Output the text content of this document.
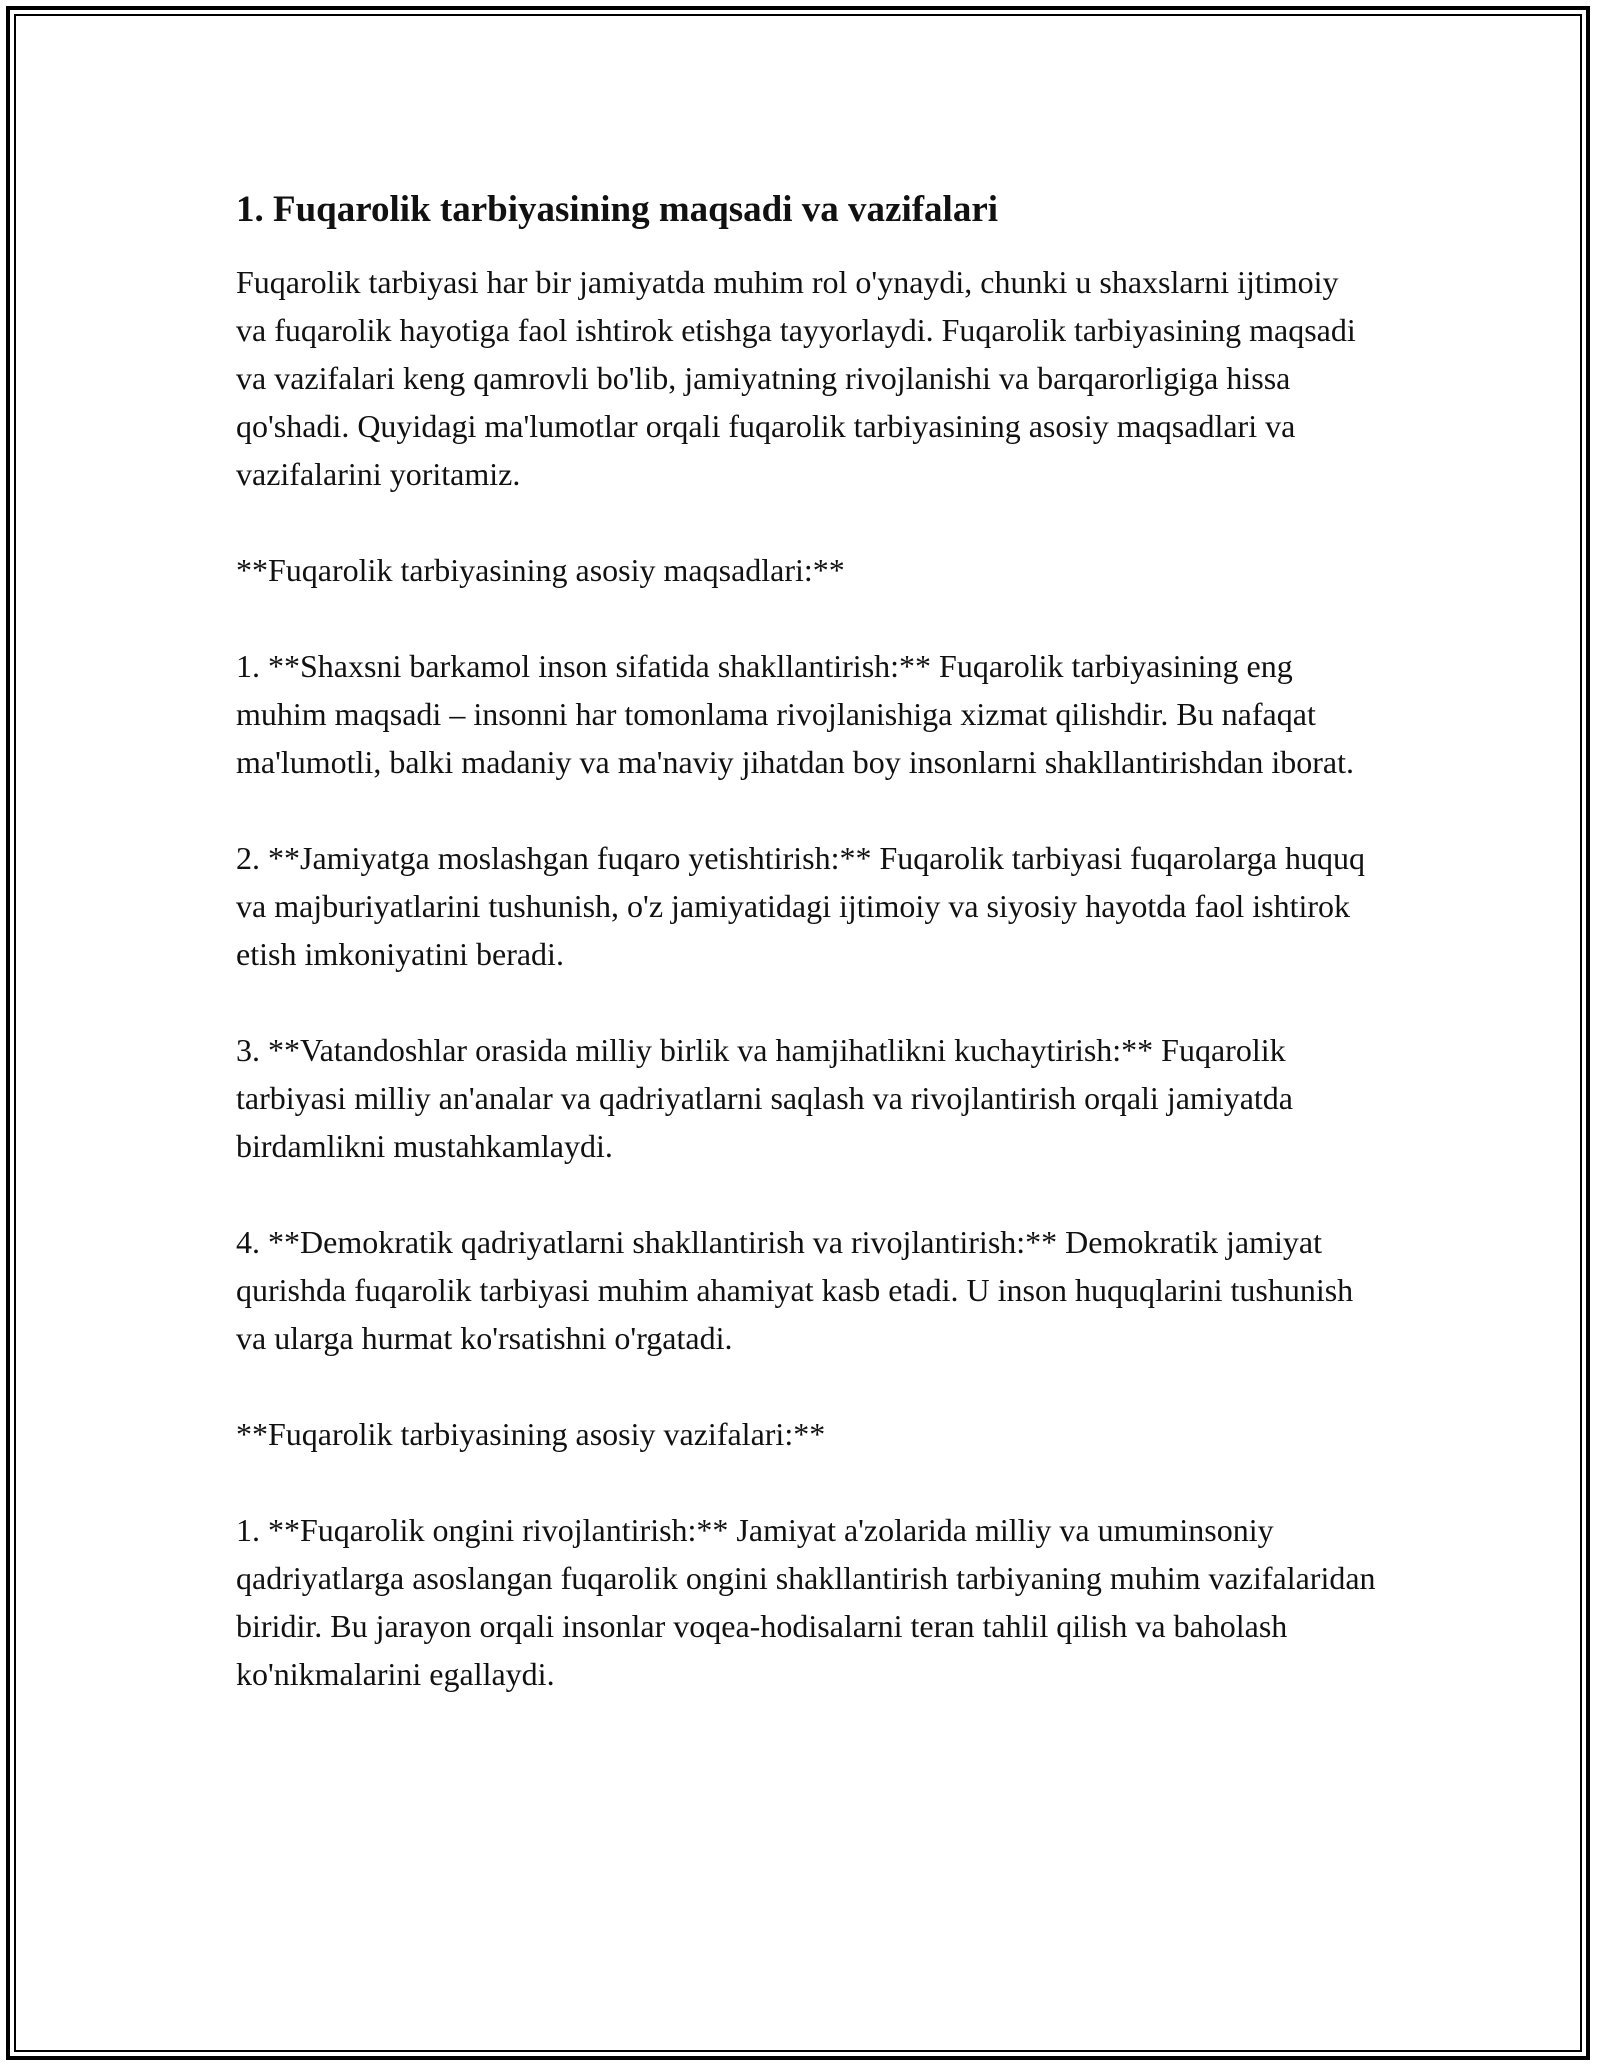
1. Fuqarolik tarbiyasining maqsadi va vazifalari

Fuqarolik tarbiyasi har bir jamiyatda muhim rol o'ynaydi, chunki u shaxslarni ijtimoiy va fuqarolik hayotiga faol ishtirok etishga tayyorlaydi. Fuqarolik tarbiyasining maqsadi va vazifalari keng qamrovli bo'lib, jamiyatning rivojlanishi va barqarorligiga hissa qo'shadi. Quyidagi ma'lumotlar orqali fuqarolik tarbiyasining asosiy maqsadlari va vazifalarini yoritamiz.

**Fuqarolik tarbiyasining asosiy maqsadlari:**

1. **Shaxsni barkamol inson sifatida shakllantirish:** Fuqarolik tarbiyasining eng muhim maqsadi – insonni har tomonlama rivojlanishiga xizmat qilishdir. Bu nafaqat ma'lumotli, balki madaniy va ma'naviy jihatdan boy insonlarni shakllantirishdan iborat.

2. **Jamiyatga moslashgan fuqaro yetishtirish:** Fuqarolik tarbiyasi fuqarolarga huquq va majburiyatlarini tushunish, o'z jamiyatidagi ijtimoiy va siyosiy hayotda faol ishtirok etish imkoniyatini beradi.

3. **Vatandoshlar orasida milliy birlik va hamjihatlikni kuchaytirish:** Fuqarolik tarbiyasi milliy an'analar va qadriyatlarni saqlash va rivojlantirish orqali jamiyatda birdamlikni mustahkamlaydi.

4. **Demokratik qadriyatlarni shakllantirish va rivojlantirish:** Demokratik jamiyat qurishda fuqarolik tarbiyasi muhim ahamiyat kasb etadi. U inson huquqlarini tushunish va ularga hurmat ko'rsatishni o'rgatadi.

**Fuqarolik tarbiyasining asosiy vazifalari:**

1. **Fuqarolik ongini rivojlantirish:** Jamiyat a'zolarida milliy va umuminsoniy qadriyatlarga asoslangan fuqarolik ongini shakllantirish tarbiyaning muhim vazifalaridan biridir. Bu jarayon orqali insonlar voqea-hodisalarni teran tahlil qilish va baholash ko'nikmalarini egallaydi.
